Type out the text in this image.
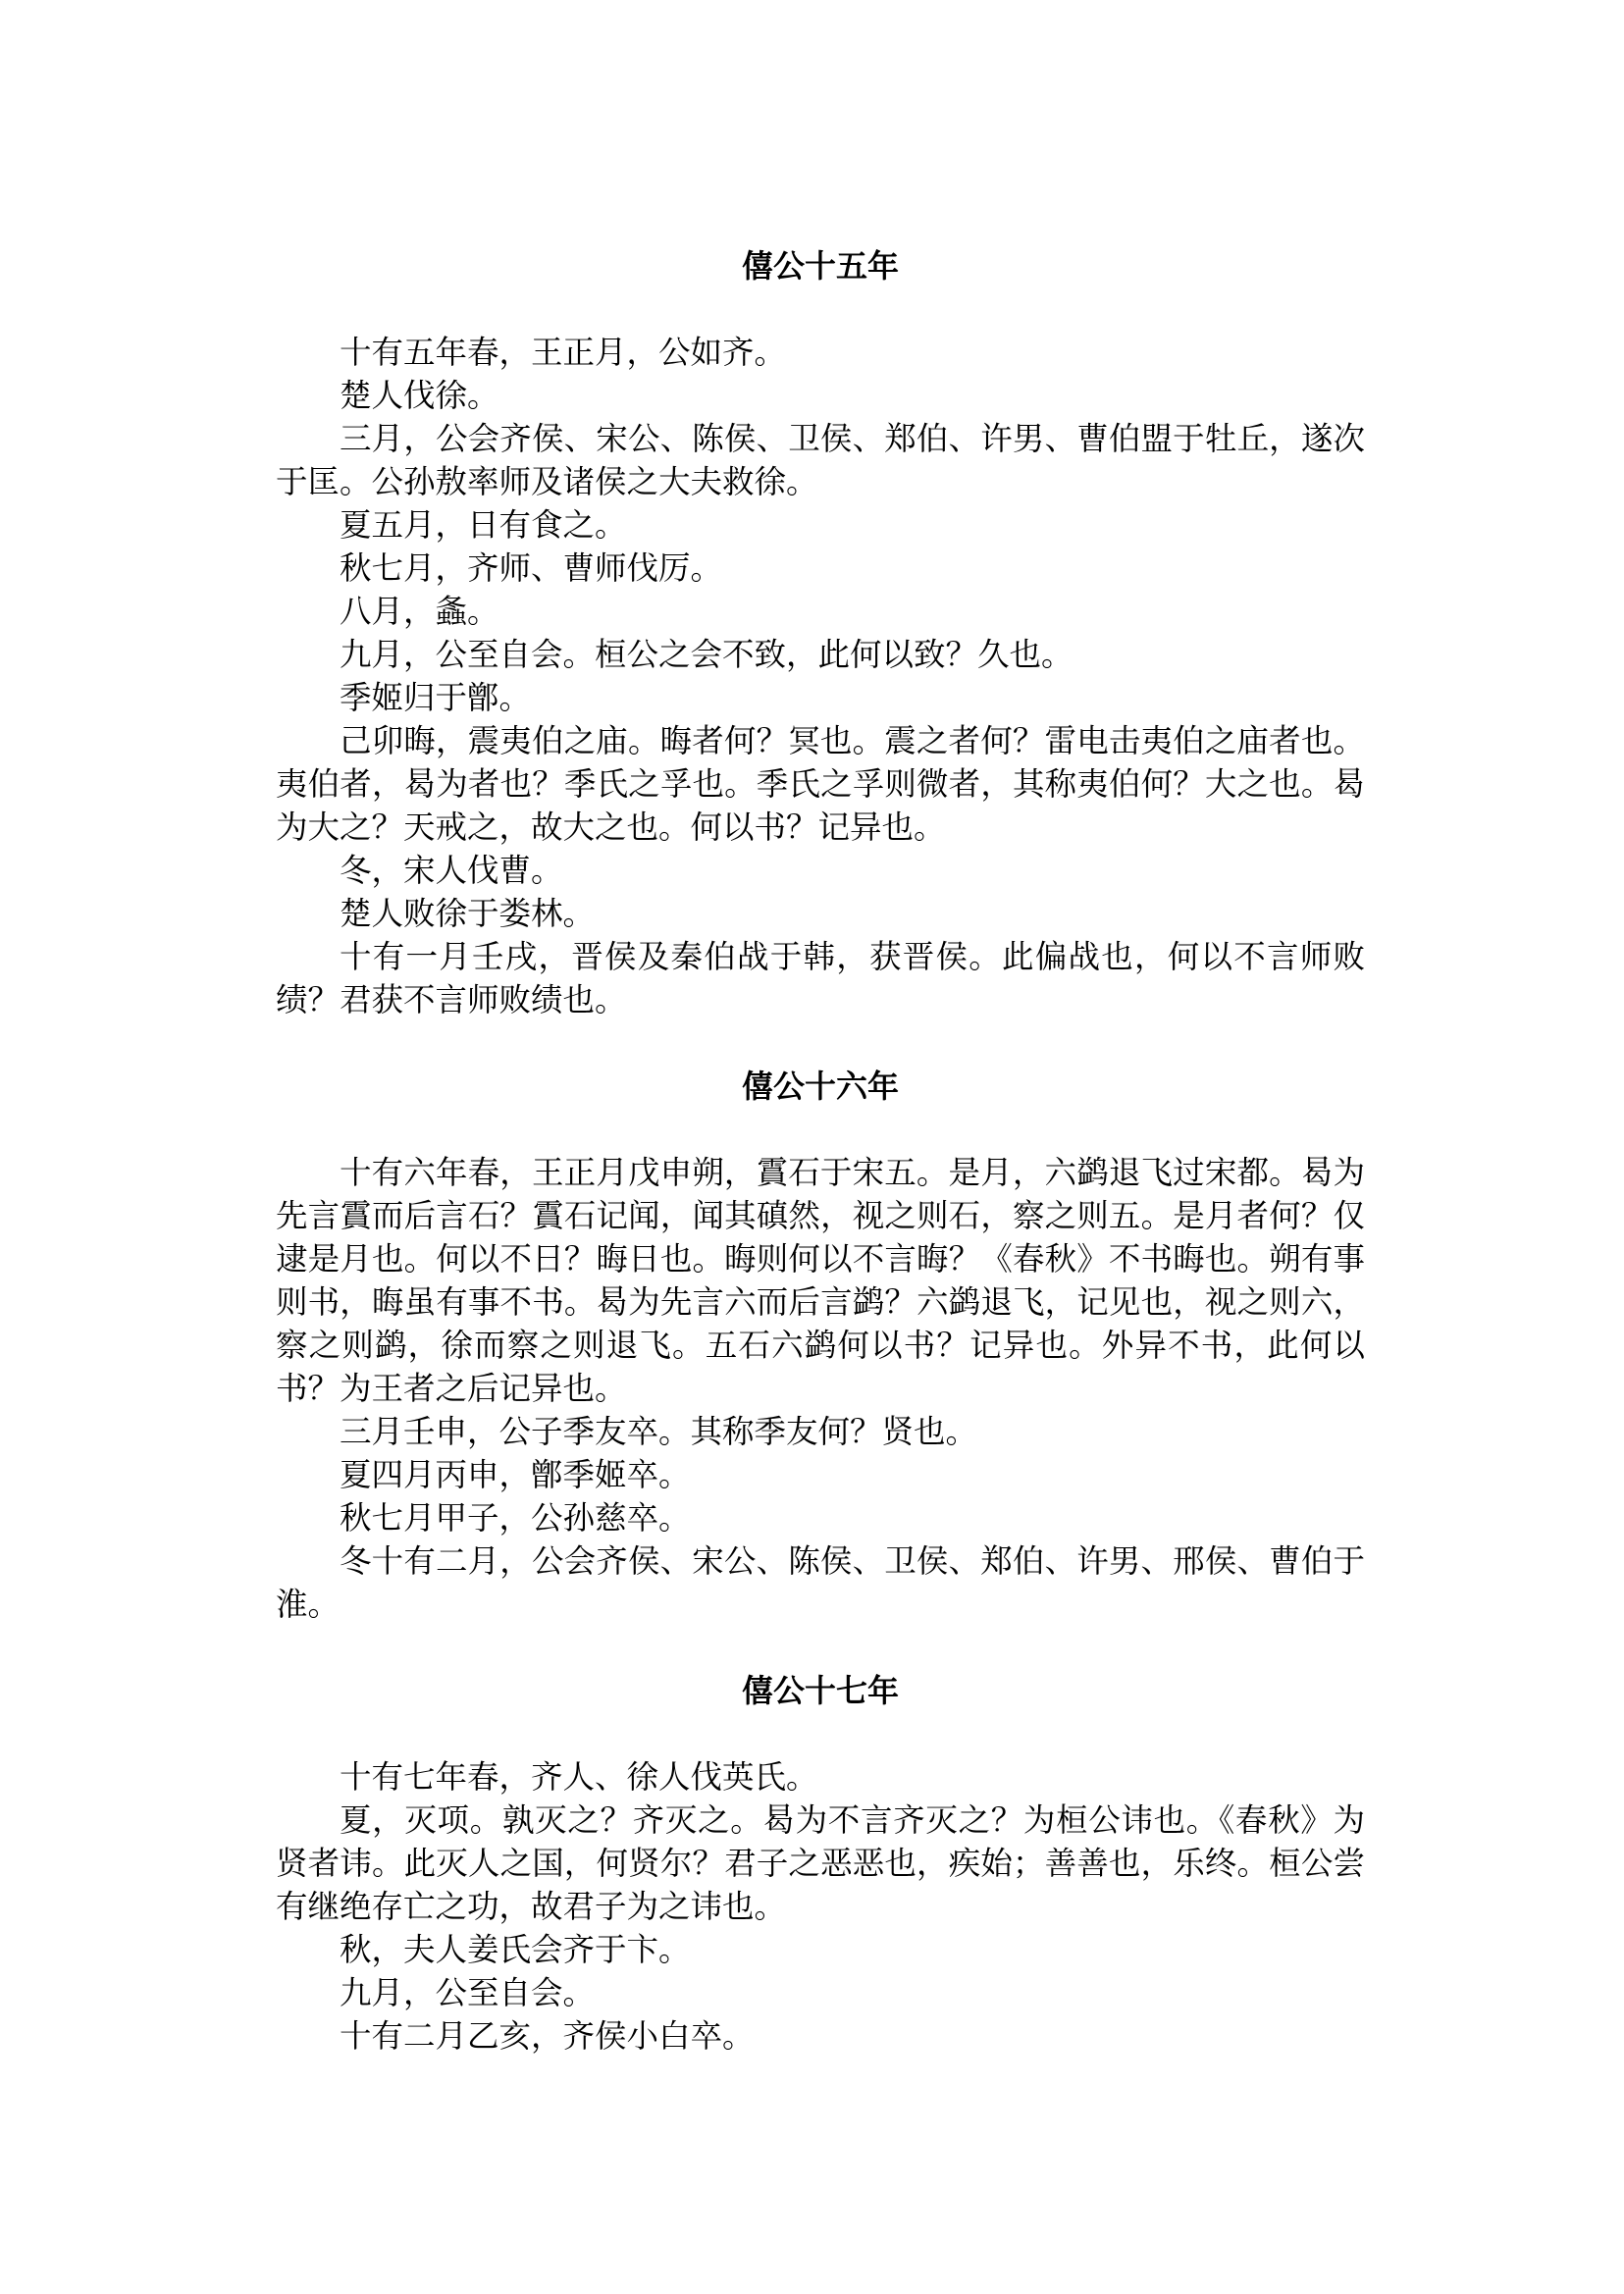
僖公十五年

十有五年春，王正月，公如齐。

楚人伐徐。

三月，公会齐侯、宋公、陈侯、卫侯、郑伯、许男、曹伯盟于牡丘，遂次于匡。公孙敖率师及诸侯之大夫救徐。

夏五月，日有食之。

秋七月，齐师、曹师伐厉。

八月，螽。

九月，公至自会。桓公之会不致，此何以致？久也。

季姬归于鄫。

己卯晦，震夷伯之庙。晦者何？冥也。震之者何？雷电击夷伯之庙者也。夷伯者，曷为者也？季氏之孚也。季氏之孚则微者，其称夷伯何？大之也。曷为大之？天戒之，故大之也。何以书？记异也。

冬，宋人伐曹。

楚人败徐于娄林。

十有一月壬戌，晋侯及秦伯战于韩，获晋侯。此偏战也，何以不言师败绩？君获不言师败绩也。

僖公十六年

十有六年春，王正月戊申朔，霣石于宋五。是月，六鹢退飞过宋都。曷为先言霣而后言石？霣石记闻，闻其磌然，视之则石，察之则五。是月者何？仅逮是月也。何以不日？晦日也。晦则何以不言晦？《春秋》不书晦也。朔有事则书，晦虽有事不书。曷为先言六而后言鹢？六鹢退飞，记见也，视之则六，察之则鹢，徐而察之则退飞。五石六鹢何以书？记异也。外异不书，此何以书？为王者之后记异也。

三月壬申，公子季友卒。其称季友何？贤也。

夏四月丙申，鄫季姬卒。

秋七月甲子，公孙慈卒。

冬十有二月，公会齐侯、宋公、陈侯、卫侯、郑伯、许男、邢侯、曹伯于淮。

僖公十七年

十有七年春，齐人、徐人伐英氏。

夏，灭项。孰灭之？齐灭之。曷为不言齐灭之？为桓公讳也。《春秋》为贤者讳。此灭人之国，何贤尔？君子之恶恶也，疾始；善善也，乐终。桓公尝有继绝存亡之功，故君子为之讳也。

秋，夫人姜氏会齐于卞。

九月，公至自会。

十有二月乙亥，齐侯小白卒。
